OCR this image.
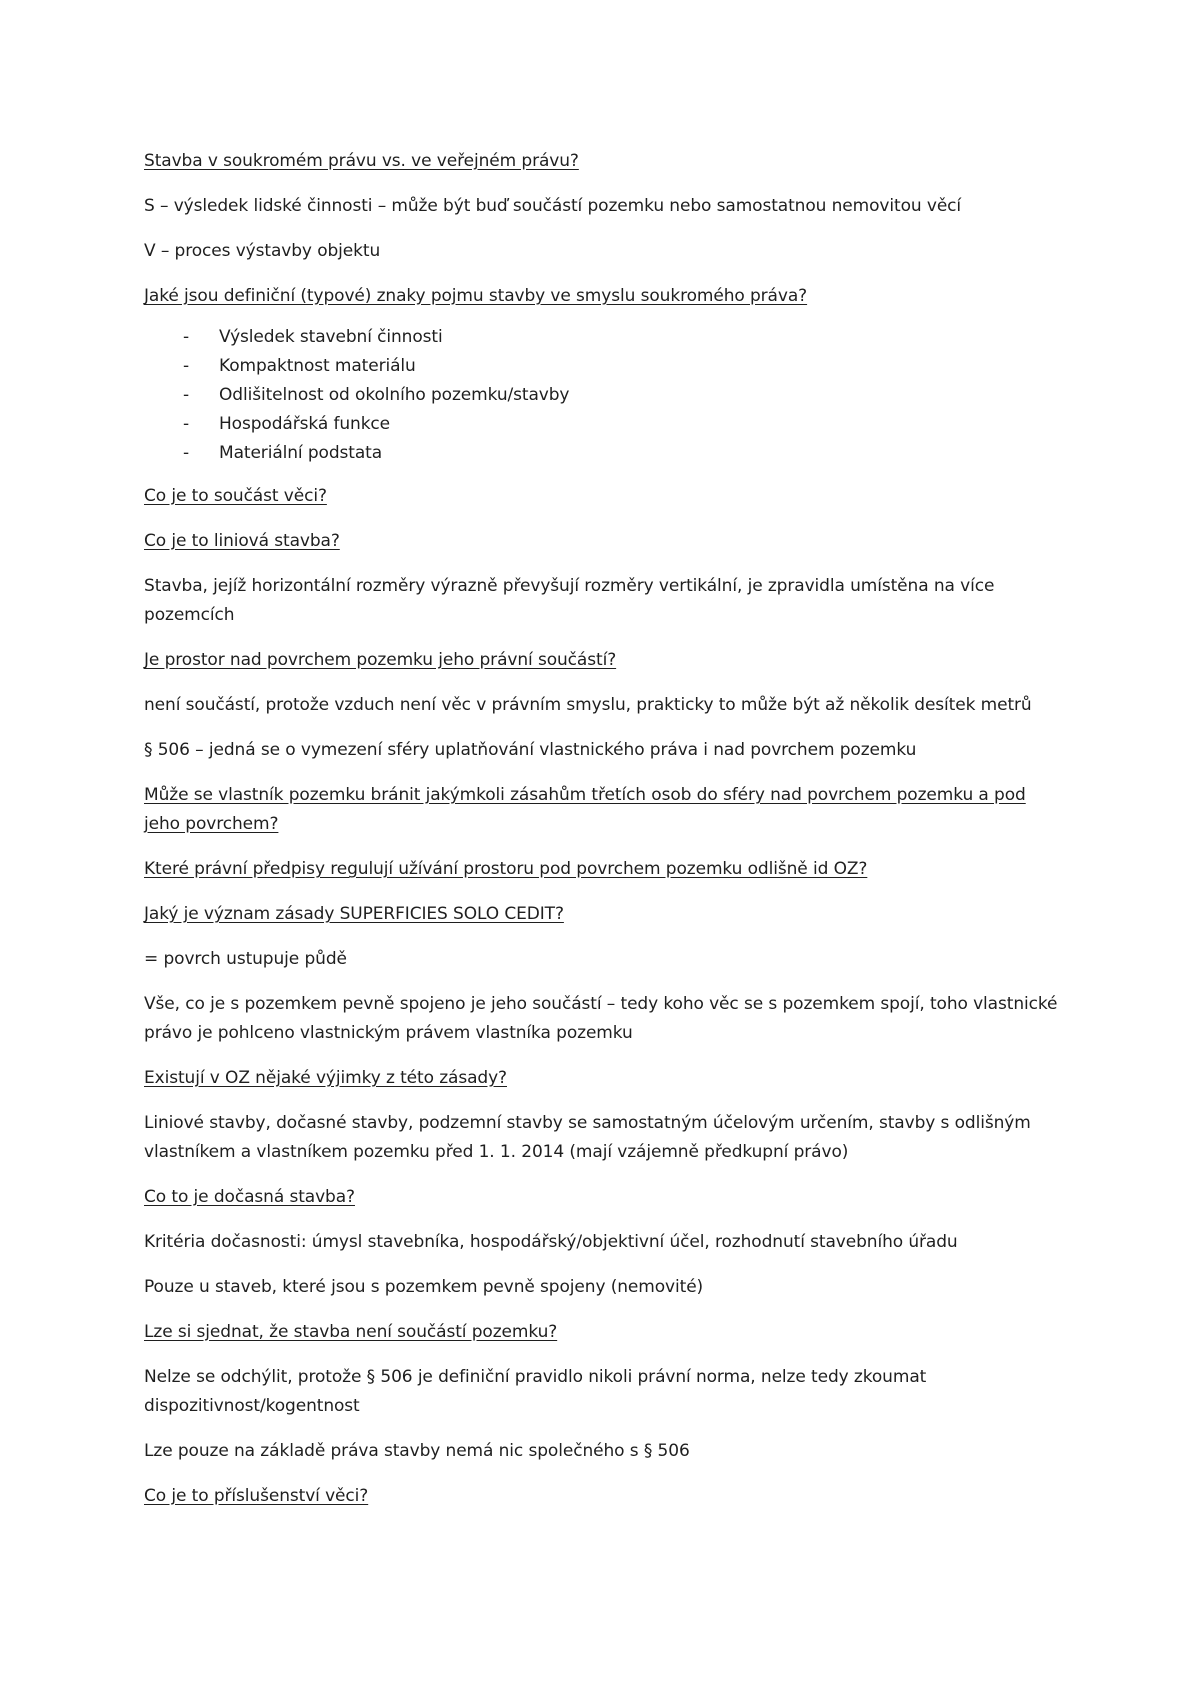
Stavba v soukromém právu vs. ve veřejném právu?

S – výsledek lidské činnosti – může být buď součástí pozemku nebo samostatnou nemovitou věcí

V – proces výstavby objektu

Jaké jsou definiční (typové) znaky pojmu stavby ve smyslu soukromého práva?

- Výsledek stavební činnosti
- Kompaktnost materiálu
- Odlišitelnost od okolního pozemku/stavby
- Hospodářská funkce
- Materiální podstata

Co je to součást věci?

Co je to liniová stavba?

Stavba, jejíž horizontální rozměry výrazně převyšují rozměry vertikální, je zpravidla umístěna na více pozemcích

Je prostor nad povrchem pozemku jeho právní součástí?

není součástí, protože vzduch není věc v právním smyslu, prakticky to může být až několik desítek metrů

§ 506 – jedná se o vymezení sféry uplatňování vlastnického práva i nad povrchem pozemku

Může se vlastník pozemku bránit jakýmkoli zásahům třetích osob do sféry nad povrchem pozemku a pod jeho povrchem?

Které právní předpisy regulují užívání prostoru pod povrchem pozemku odlišně id OZ?

Jaký je význam zásady SUPERFICIES SOLO CEDIT?

= povrch ustupuje půdě

Vše, co je s pozemkem pevně spojeno je jeho součástí – tedy koho věc se s pozemkem spojí, toho vlastnické právo je pohlceno vlastnickým právem vlastníka pozemku

Existují v OZ nějaké výjimky z této zásady?

Liniové stavby, dočasné stavby, podzemní stavby se samostatným účelovým určením, stavby s odlišným vlastníkem a vlastníkem pozemku před 1. 1. 2014 (mají vzájemně předkupní právo)

Co to je dočasná stavba?

Kritéria dočasnosti: úmysl stavebníka, hospodářský/objektivní účel, rozhodnutí stavebního úřadu

Pouze u staveb, které jsou s pozemkem pevně spojeny (nemovité)

Lze si sjednat, že stavba není součástí pozemku?

Nelze se odchýlit, protože § 506 je definiční pravidlo nikoli právní norma, nelze tedy zkoumat dispozitivnost/kogentnost

Lze pouze na základě práva stavby nemá nic společného s § 506

Co je to příslušenství věci?
